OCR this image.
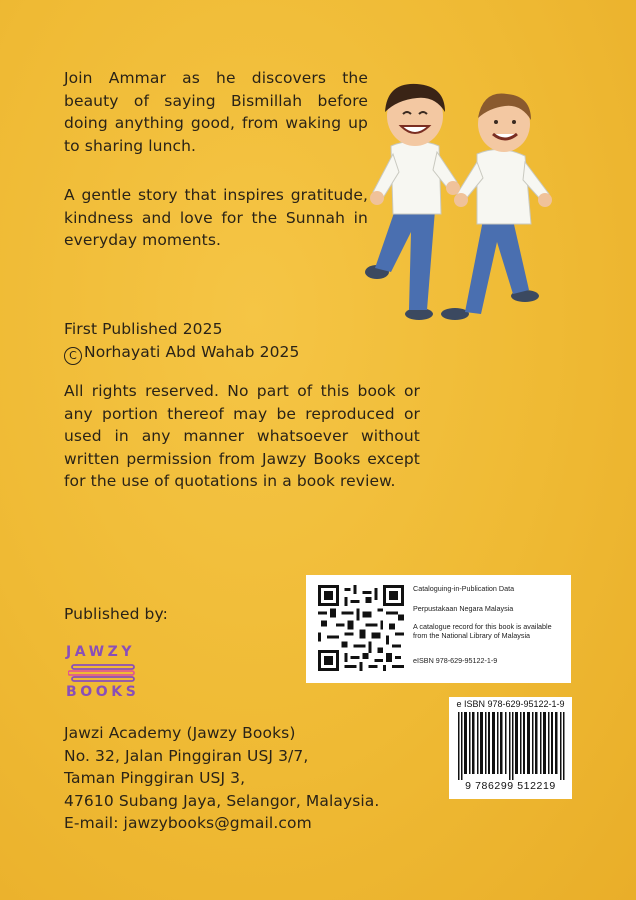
Join Ammar as he discovers the beauty of saying Bismillah before doing anything good, from waking up to sharing lunch.
A gentle story that inspires gratitude, kindness and love for the Sunnah in everyday moments.
First Published 2025
C Norhayati Abd Wahab 2025
All rights reserved. No part of this book or any portion thereof may be reproduced or used in any manner whatsoever without written permission from Jawzy Books except for the use of quotations in a book review.
Published by:
JAWZY
BOOKS
Jawzi Academy (Jawzy Books)
No. 32, Jalan Pinggiran USJ 3/7,
Taman Pinggiran USJ 3,
47610 Subang Jaya, Selangor, Malaysia.
E-mail: jawzybooks@gmail.com
Cataloguing-in-Publication Data
Perpustakaan Negara Malaysia
A catalogue record for this book is available from the National Library of Malaysia
eISBN 978-629-95122-1-9
e ISBN 978-629-95122-1-9
9 786299 512219
